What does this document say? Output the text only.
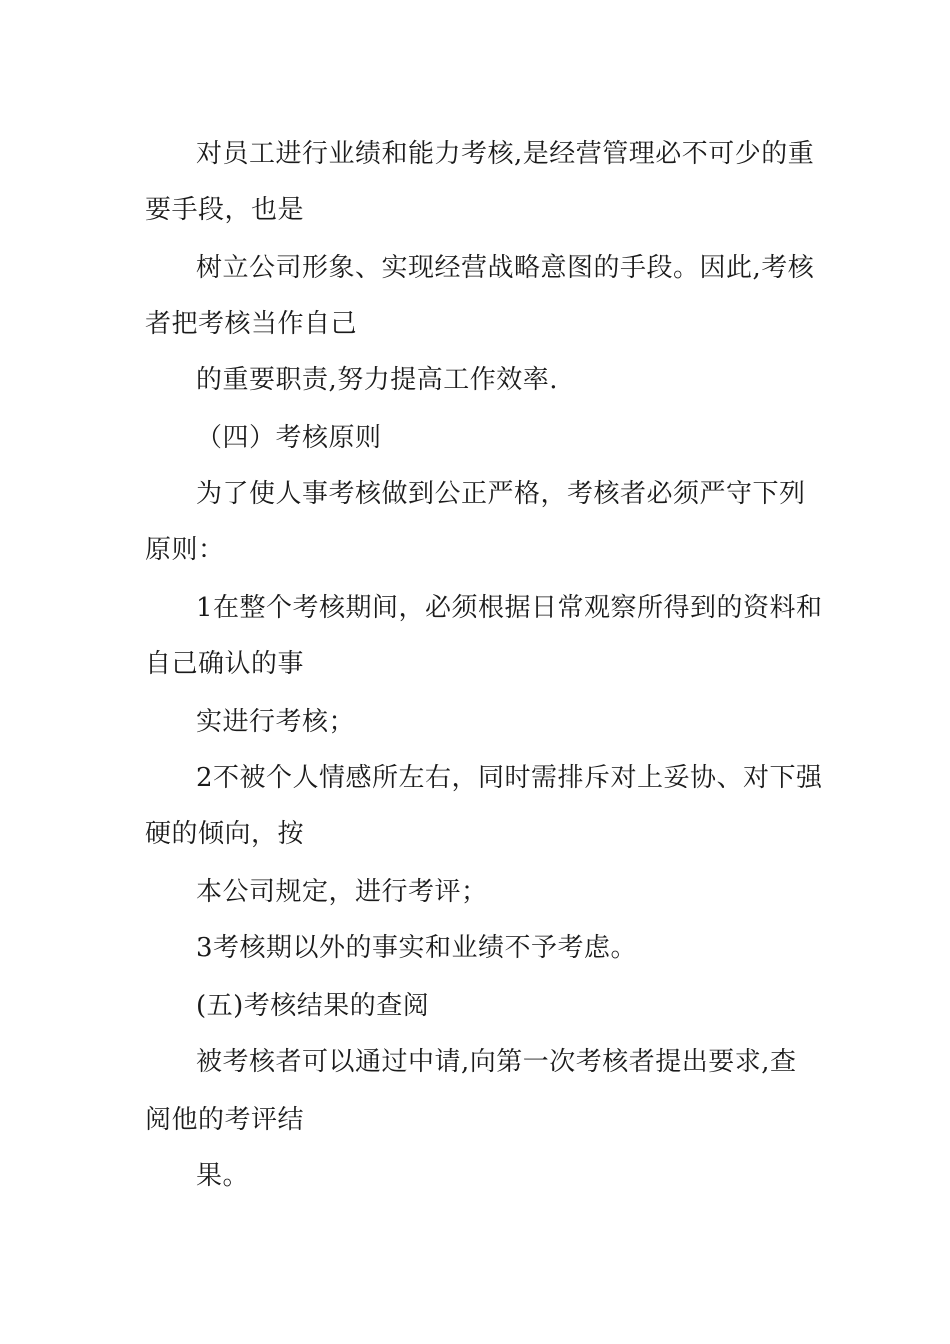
对员工进行业绩和能力考核,是经营管理必不可少的重
要手段，也是
树立公司形象、实现经营战略意图的手段。因此,考核
者把考核当作自己
的重要职责,努力提高工作效率.
（四）考核原则
为了使人事考核做到公正严格，考核者必须严守下列
原则：
1在整个考核期间，必须根据日常观察所得到的资料和
自己确认的事
实进行考核；
2不被个人情感所左右，同时需排斥对上妥协、对下强
硬的倾向，按
本公司规定，进行考评；
3考核期以外的事实和业绩不予考虑。
(五)考核结果的查阅
被考核者可以通过中请,向第一次考核者提出要求,查
阅他的考评结
果。
